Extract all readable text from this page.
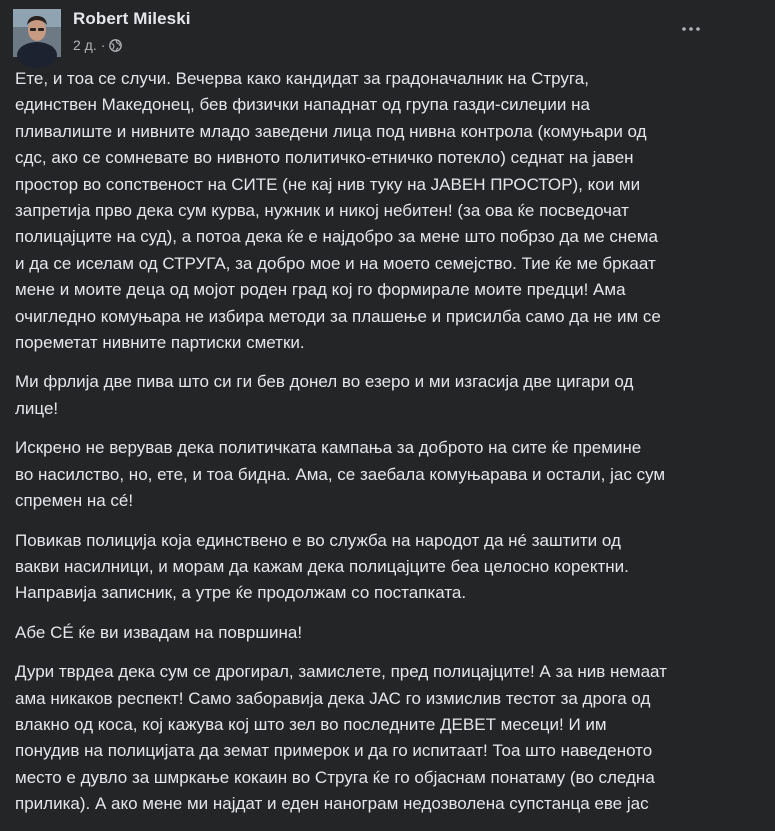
Robert Mileski
2 д. ·
Ете, и тоа се случи. Вечерва како кандидат за градоначалник на Струга,
единствен Македонец, бев физички нападнат од група газди-силеџии на
пливалиште и нивните младо заведени лица под нивна контрола (комуњари од
сдс, ако се сомневате во нивното политичко-етничко потекло) седнат на јавен
простор во сопственост на СИТЕ (не кај нив туку на ЈАВЕН ПРОСТОР), кои ми
запретија прво дека сум курва, нужник и никој небитен! (за ова ќе посведочат
полицајците на суд), а потоа дека ќе е најдобро за мене што побрзо да ме снема
и да се иселам од СТРУГА, за добро мое и на моето семејство. Тие ќе ме бркаат
мене и моите деца од мојот роден град кој го формирале моите предци! Ама
очигледно комуњара не избира методи за плашење и присилба само да не им се
пореметат нивните партиски сметки.
Ми фрлија две пива што си ги бев донел во езеро и ми изгасија две цигари од
лице!
Искрено не верував дека политичката кампања за доброто на сите ќе премине
во насилство, но, ете, и тоа бидна. Ама, се заебала комуњарава и остали, јас сум
спремен на сé!
Повикав полиција која единствено е во служба на народот да нé заштити од
вакви насилници, и морам да кажам дека полицајците беа целосно коректни.
Направија записник, а утре ќе продолжам со постапката.
Абе СÉ ќе ви извадам на површина!
Дури тврдеа дека сум се дрогирал, замислете, пред полицајците! А за нив немаат
ама никаков респект! Само заборавија дека ЈАС го измислив тестот за дрога од
влакно од коса, кој кажува кој што зел во последните ДЕВЕТ месеци! И им
понудив на полицијата да земат примерок и да го испитаат! Тоа што наведеното
место е дувло за шмркање кокаин во Струга ќе го објаснам понатаму (во следна
прилика). А ако мене ми најдат и еден нанограм недозволена супстанца еве јас
